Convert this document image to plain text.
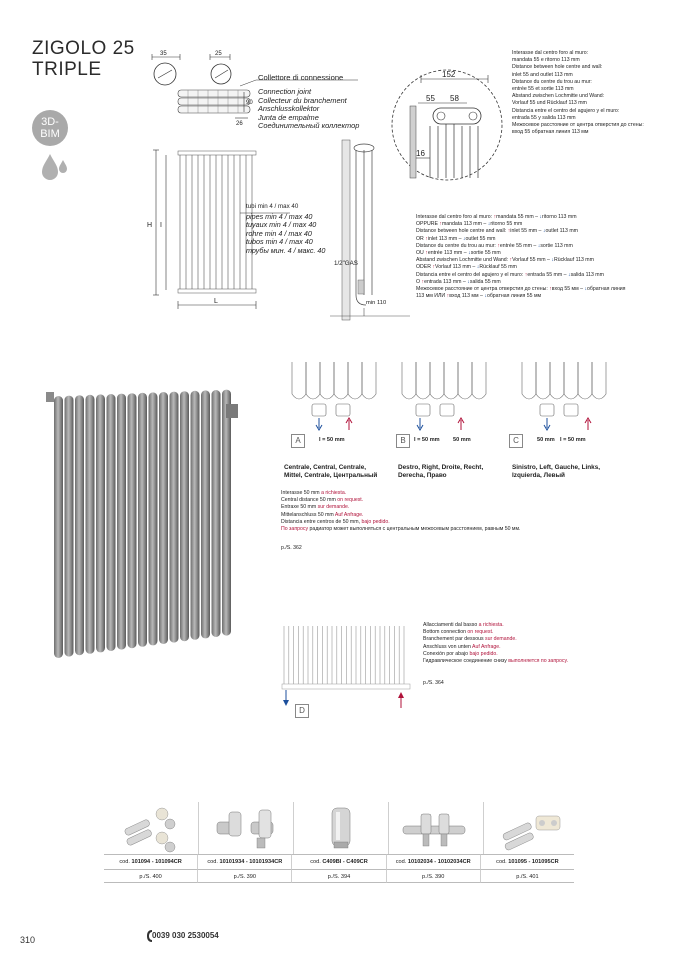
ZIGOLO 25
TRIPLE
3D-
BIM
35	25
90
26
Collettore di connessione
Connection joint
Collecteur du branchement
Anschlusskollektor
Junta de empalme
Соединительный коллектор
152
55 58
16
Interasse dal centro foro al muro:
mandata 55 e ritorno 113 mm
Distance between hole centre and wall:
inlet 55 and outlet 113 mm
Distance du centre du trou au mur:
entrée 55 et sortie 113 mm
Abstand zwischen Lochmitte und Wand:
Vorlauf 55 und Rücklauf 113 mm
Distancia entre el centro del agujero y el muro:
entrada 55 y salida 113 mm
Межосевое расстояние от центра отверстия до стены:
вход 55 обратная линия 113 мм
H I
L
tubi min 4 / max 40
pipes min 4 / max 40
tuyaux min 4 / max 40
rohre min 4 / max 40
tubos min 4 / max 40
трубы мин. 4 / макс. 40
1/2"GAS
min 110
Interasse dal centro foro al muro: ↑mandata 55 mm – ↓ritorno 113 mm
OPPURE ↑mandata 113 mm – ↓ritorno 55 mm
Distance between hole centre and wall: ↑inlet 55 mm – ↓outlet 113 mm
OR ↑inlet 113 mm – ↓outlet 55 mm
Distance du centre du trou au mur: ↑entrée 55 mm – ↓sortie 113 mm
OU ↑entrée 113 mm – ↓sortie 55 mm
Abstand zwischen Lochmitte und Wand: ↑Vorlauf 55 mm – ↓Rücklauf 113 mm
ODER ↑Vorlauf 113 mm – ↓Rücklauf 55 mm
Distancia entre el centro del agujero y el muro: ↑entrada 55 mm – ↓salida 113 mm
O ↑entrada 113 mm – ↓salida 55 mm
Межосевое расстояние от центра отверстия до стены: ↑вход 55 мм – ↓обратная линия
113 мм ИЛИ ↑вход 113 мм – ↓обратная линия 55 мм
A	I = 50 mm	B	I = 50 mm 50 mm	C	50 mm I = 50 mm
Centrale, Central, Centrale,
Mittel, Centrale, Центральный
Destro, Right, Droite, Recht,
Derecha, Право
Sinistro, Left, Gauche, Links,
Izquierda, Левый
Interasse 50 mm a richiesta.
Central distance 50 mm on request.
Entraxe 50 mm sur demande.
Mittelanschluss 50 mm Auf Anfrage.
Distancia entre centros de 50 mm, bajo pedido.
По запросу радиатор может выполняться с центральным межосевым расстоянием, равным 50 мм.
p./S. 362
D
Allacciamenti dal basso a richiesta.
Bottom connection on request.
Branchement par dessous sur demande.
Anschluss von unten Auf Anfrage.
Conexión por abajo bajo pedido.
Гидравлическое соединение снизу выполняется по запросу.
p./S. 364
cod. 101094 - 101094CR	cod. 10101934 - 10101934CR	cod. C409BI - C409CR	cod. 10102034 - 10102034CR	cod. 101095 - 101095CR
p./S. 400	p./S. 390	p./S. 394	p./S. 390	p./S. 401
310	0039 030 2530054
